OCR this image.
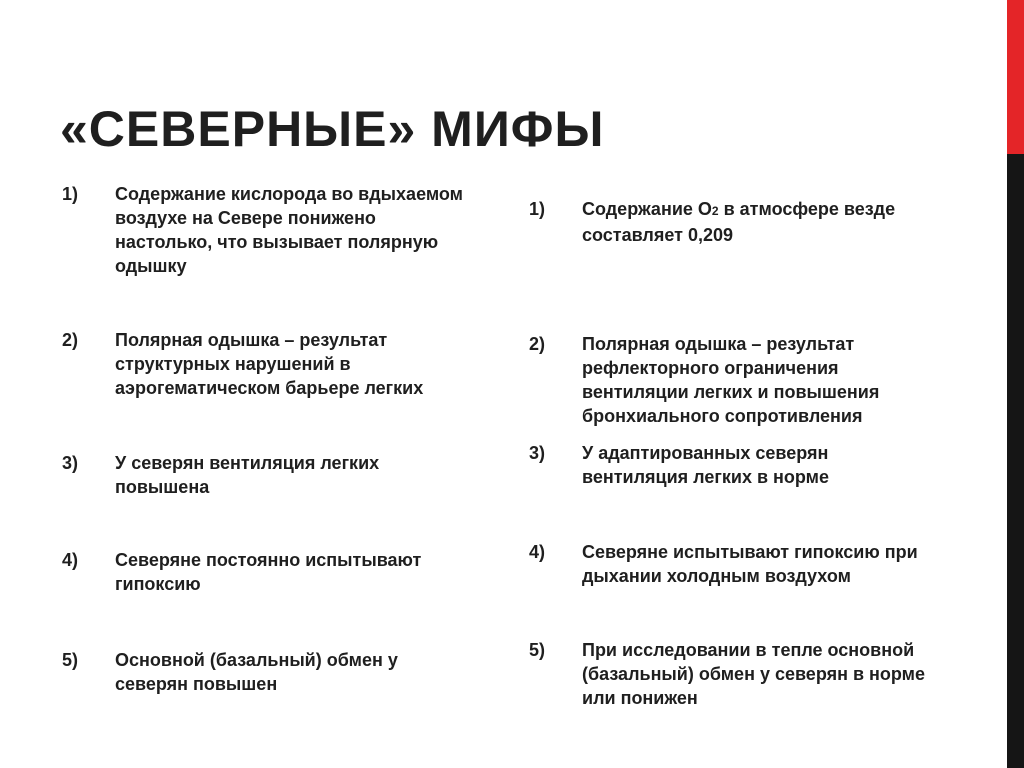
«СЕВЕРНЫЕ» МИФЫ
1)	Содержание кислорода во вдыхаемом воздухе на Севере понижено настолько, что вызывает полярную одышку
2)	Полярная одышка – результат структурных нарушений в аэрогематическом барьере легких
3)	У северян вентиляция легких повышена
4)	Северяне постоянно испытывают гипоксию
5)	Основной (базальный) обмен у северян повышен
1)	Содержание О2 в атмосфере везде составляет 0,209
2)	Полярная одышка – результат рефлекторного ограничения вентиляции легких и повышения бронхиального сопротивления
3)	У адаптированных северян вентиляция легких в норме
4)	Северяне испытывают гипоксию при дыхании холодным воздухом
5)	При исследовании в тепле основной (базальный) обмен у северян в норме или понижен
